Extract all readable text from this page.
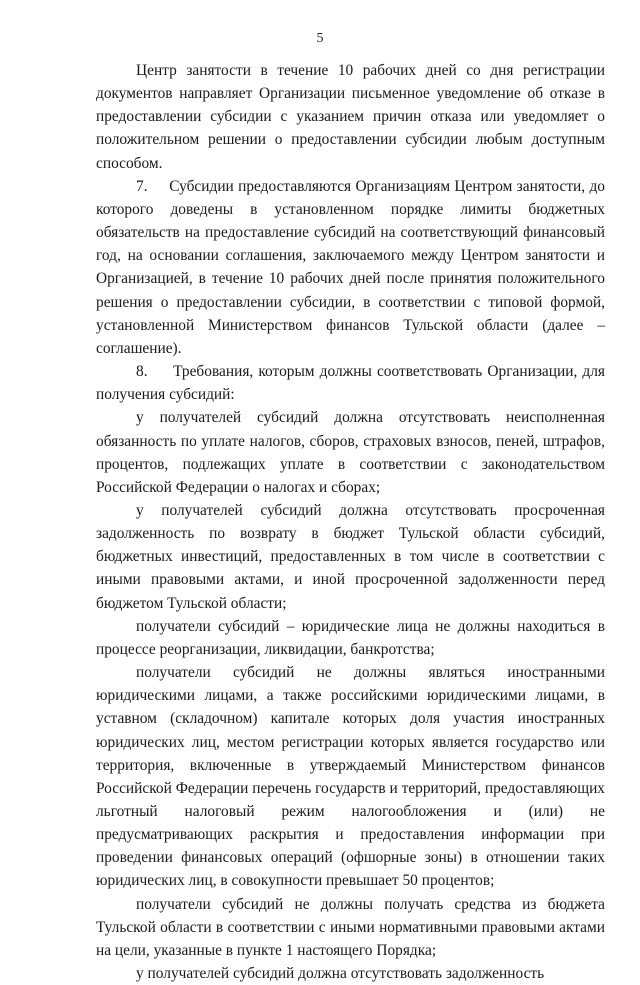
5

Центр занятости в течение 10 рабочих дней со дня регистрации документов направляет Организации письменное уведомление об отказе в предоставлении субсидии с указанием причин отказа или уведомляет о положительном решении о предоставлении субсидии любым доступным способом.

7.     Субсидии предоставляются Организациям Центром занятости, до которого доведены в установленном порядке лимиты бюджетных обязательств на предоставление субсидий на соответствующий финансовый год, на основании соглашения, заключаемого между Центром занятости и Организацией, в течение 10 рабочих дней после принятия положительного решения о предоставлении субсидии, в соответствии с типовой формой, установленной Министерством финансов Тульской области (далее – соглашение).

8.     Требования, которым должны соответствовать Организации, для получения субсидий:

у получателей субсидий должна отсутствовать неисполненная обязанность по уплате налогов, сборов, страховых взносов, пеней, штрафов, процентов, подлежащих уплате в соответствии с законодательством Российской Федерации о налогах и сборах;

у получателей субсидий должна отсутствовать просроченная задолженность по возврату в бюджет Тульской области субсидий, бюджетных инвестиций, предоставленных в том числе в соответствии с иными правовыми актами, и иной просроченной задолженности перед бюджетом Тульской области;

получатели субсидий – юридические лица не должны находиться в процессе реорганизации, ликвидации, банкротства;

получатели субсидий не должны являться иностранными юридическими лицами, а также российскими юридическими лицами, в уставном (складочном) капитале которых доля участия иностранных юридических лиц, местом регистрации которых является государство или территория, включенные в утверждаемый Министерством финансов Российской Федерации перечень государств и территорий, предоставляющих льготный налоговый режим налогообложения и (или) не предусматривающих раскрытия и предоставления информации при проведении финансовых операций (офшорные зоны) в отношении таких юридических лиц, в совокупности превышает 50 процентов;

получатели субсидий не должны получать средства из бюджета Тульской области в соответствии с иными нормативными правовыми актами на цели, указанные в пункте 1 настоящего Порядка;

у получателей субсидий должна отсутствовать задолженность
